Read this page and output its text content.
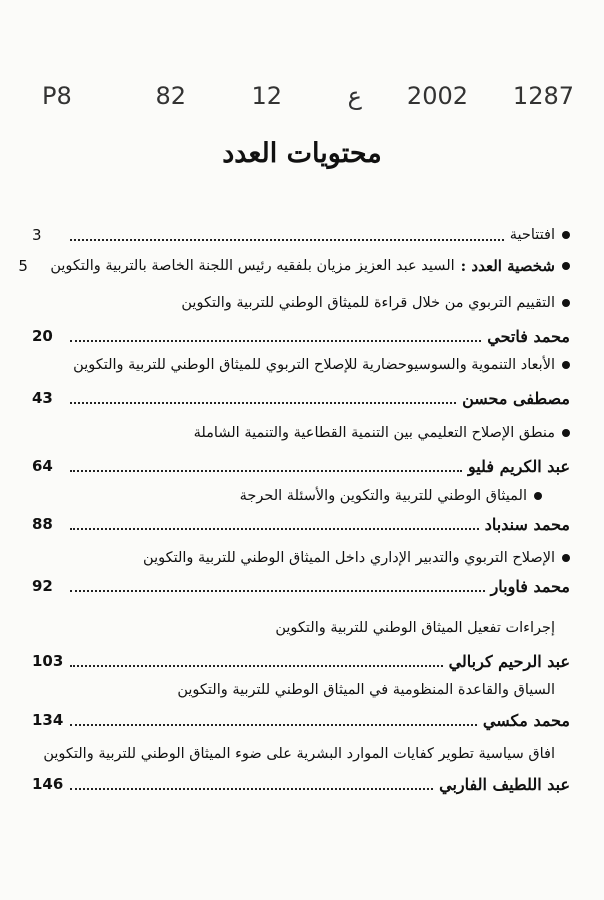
1287
2002
ع
12
82
P8
محتويات العدد
افتتاحية
3
شخصية العدد :
السيد عبد العزيز مزيان بلفقيه رئيس اللجنة الخاصة بالتربية والتكوين
5
التقييم التربوي من خلال قراءة للميثاق الوطني للتربية والتكوين
محمد فاتحي
20
الأبعاد التنموية والسوسيوحضارية للإصلاح التربوي للميثاق الوطني للتربية والتكوين
مصطفى محسن
43
منطق الإصلاح التعليمي بين التنمية القطاعية والتنمية الشاملة
عبد الكريم فليو
64
الميثاق الوطني للتربية والتكوين والأسئلة الحرجة
محمد سندباد
88
الإصلاح التربوي والتدبير الإداري داخل الميثاق الوطني للتربية والتكوين
محمد فاوبار
92
إجراءات تفعيل الميثاق الوطني للتربية والتكوين
عبد الرحيم كربالي
103
السياق والقاعدة المنظومية في الميثاق الوطني للتربية والتكوين
محمد مكسي
134
افاق سياسية تطوير كفايات الموارد البشرية على ضوء الميثاق الوطني للتربية والتكوين
عبد اللطيف الفاربي
146
